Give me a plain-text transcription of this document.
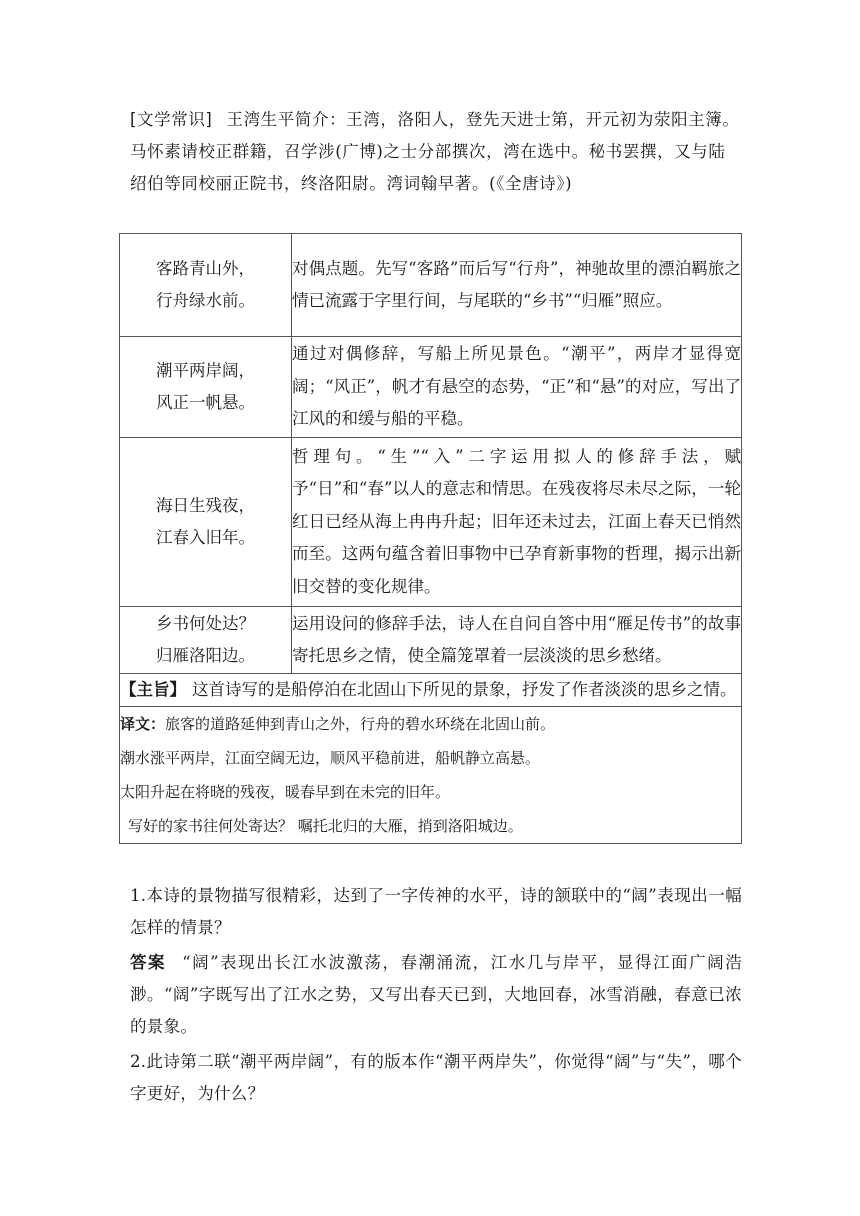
[文学常识] 王湾生平简介：王湾，洛阳人，登先天进士第，开元初为荥阳主簿。马怀素请校正群籍，召学涉(广博)之士分部撰次，湾在选中。秘书罢撰，又与陆绍伯等同校丽正院书，终洛阳尉。湾词翰早著。(《全唐诗》)
客路青山外，
行舟绿水前。	对偶点题。先写“客路”而后写“行舟”，神驰故里的漂泊羁旅之情已流露于字里行间，与尾联的“乡书”“归雁”照应。

潮平两岸阔，
风正一帆悬。	通过对偶修辞，写船上所见景色。“潮平”，两岸才显得宽阔；“风正”，帆才有悬空的态势，“正”和“悬”的对应，写出了江风的和缓与船的平稳。

海日生残夜，
江春入旧年。	哲理句。“生”“入”二字运用拟人的修辞手法，赋予“日”和“春”以人的意志和情思。在残夜将尽未尽之际，一轮红日已经从海上冉冉升起；旧年还未过去，江面上春天已悄然而至。这两句蕴含着旧事物中已孕育新事物的哲理，揭示出新旧交替的变化规律。

乡书何处达？
归雁洛阳边。	运用设问的修辞手法，诗人在自问自答中用“雁足传书”的故事寄托思乡之情，使全篇笼罩着一层淡淡的思乡愁绪。
【主旨】 这首诗写的是船停泊在北固山下所见的景象，抒发了作者淡淡的思乡之情。	

译文：旅客的道路延伸到青山之外，行舟的碧水环绕在北固山前。

潮水涨平两岸，江面空阔无边，顺风平稳前进，船帆静立高悬。

太阳升起在将晓的残夜，暖春早到在未完的旧年。

写好的家书往何处寄达？ 嘱托北归的大雁，捎到洛阳城边。	

1.本诗的景物描写很精彩，达到了一字传神的水平，诗的颔联中的“阔”表现出一幅怎样的情景？

答案 “阔”表现出长江水波激荡，春潮涌流，江水几与岸平，显得江面广阔浩渺。“阔”字既写出了江水之势，又写出春天已到，大地回春，冰雪消融，春意已浓的景象。

2.此诗第二联“潮平两岸阔”，有的版本作“潮平两岸失”，你觉得“阔”与“失”，哪个字更好，为什么？
